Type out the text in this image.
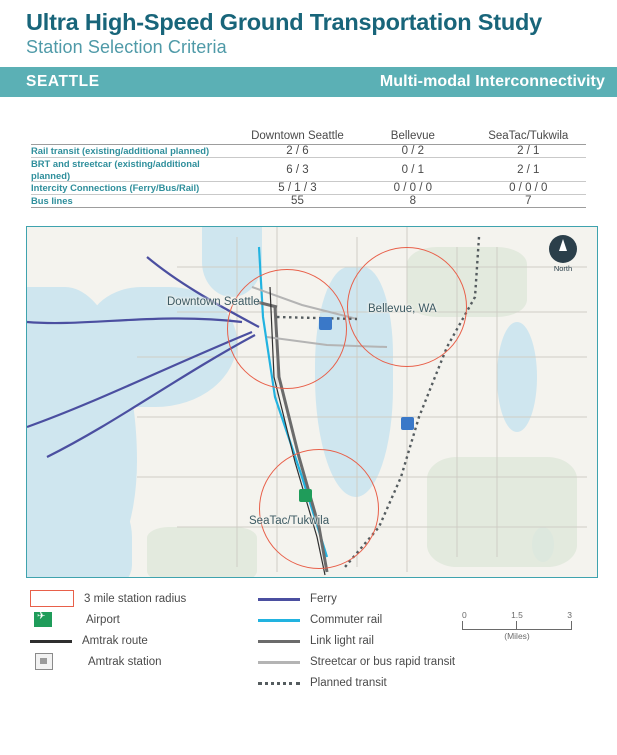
Ultra High-Speed Ground Transportation Study
Station Selection Criteria
SEATTLE	Multi-modal Interconnectivity
	Downtown Seattle	Bellevue	SeaTac/Tukwila
Rail transit (existing/additional planned)	2 / 6	0 / 2	2 / 1
BRT and streetcar (existing/additional planned)	6 / 3	0 / 1	2 / 1
Intercity Connections (Ferry/Bus/Rail)	5 / 1 / 3	0 / 0 / 0	0 / 0 / 0
Bus lines	55	8	7
Downtown Seattle
Bellevue, WA
SeaTac/Tukwila
North
3 mile station radius
✈
Airport
Amtrak route
Amtrak station
Ferry
Commuter rail
Link light rail
Streetcar or bus rapid transit
Planned transit
0	1.5	3
(Miles)
